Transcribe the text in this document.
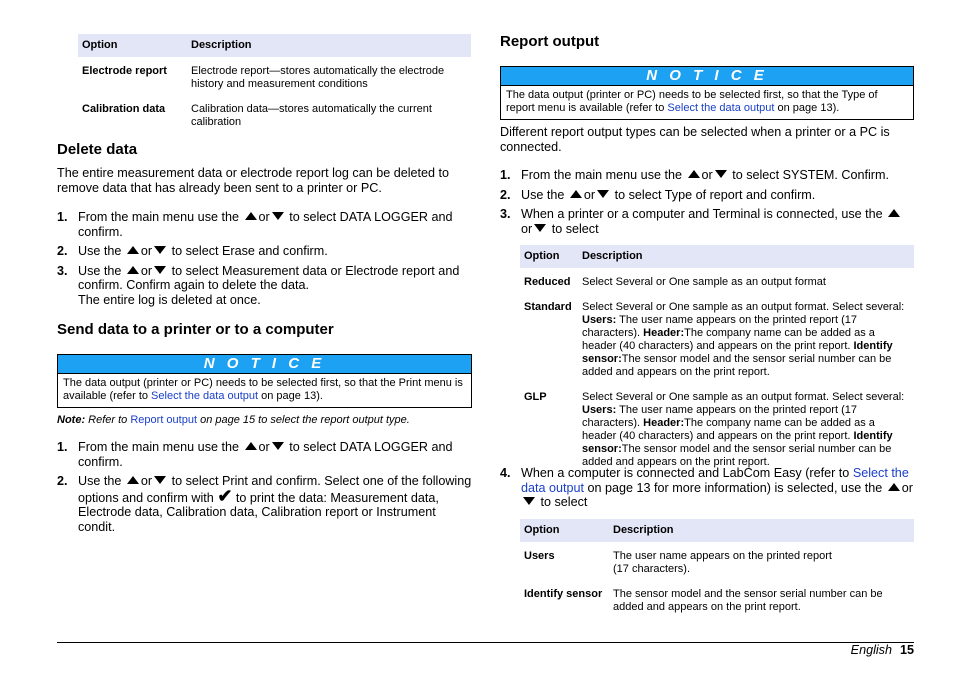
Option	Description
Electrode report	Electrode report—stores automatically the electrode history and measurement conditions
Calibration data	Calibration data—stores automatically the current calibration
Delete data

The entire measurement data or electrode report log can be deleted to remove data that has already been sent to a printer or PC.

1. From the main menu use the or to select DATA LOGGER and confirm.
2. Use the or to select Erase and confirm.
3. Use the or to select Measurement data or Electrode report and confirm. Confirm again to delete the data.
The entire log is deleted at once.
Send data to a printer or to a computer
N O T I C E
The data output (printer or PC) needs to be selected first, so that the Print menu is available (refer to Select the data output on page 13).

Note: Refer to Report output on page 15 to select the report output type.

1. From the main menu use the or to select DATA LOGGER and confirm.
2. Use the or to select Print and confirm. Select one of the following options and confirm with ✔ to print the data: Measurement data, Electrode data, Calibration data, Calibration report or Instrument condit.
Report output
N O T I C E
The data output (printer or PC) needs to be selected first, so that the Type of report menu is available (refer to Select the data output on page 13).

Different report output types can be selected when a printer or a PC is connected.

1. From the main menu use the or to select SYSTEM. Confirm.
2. Use the or to select Type of report and confirm.
3. When a printer or a computer and Terminal is connected, use the
or to select
Option	Description
Reduced	Select Several or One sample as an output format
Standard	Select Several or One sample as an output format. Select several: Users: The user name appears on the printed report (17 characters). Header:The company name can be added as a header (40 characters) and appears on the print report. Identify sensor:The sensor model and the sensor serial number can be added and appears on the print report.
GLP	Select Several or One sample as an output format. Select several: Users: The user name appears on the printed report (17 characters). Header:The company name can be added as a header (40 characters) and appears on the print report. Identify sensor:The sensor model and the sensor serial number can be added and appears on the print report.
4. When a computer is connected and LabCom Easy (refer to Select the data output on page 13 for more information) is selected, use the or to select
Option	Description
Users	The user name appears on the printed report
(17 characters).
Identify sensor	The sensor model and the sensor serial number can be added and appears on the print report.
English 15
